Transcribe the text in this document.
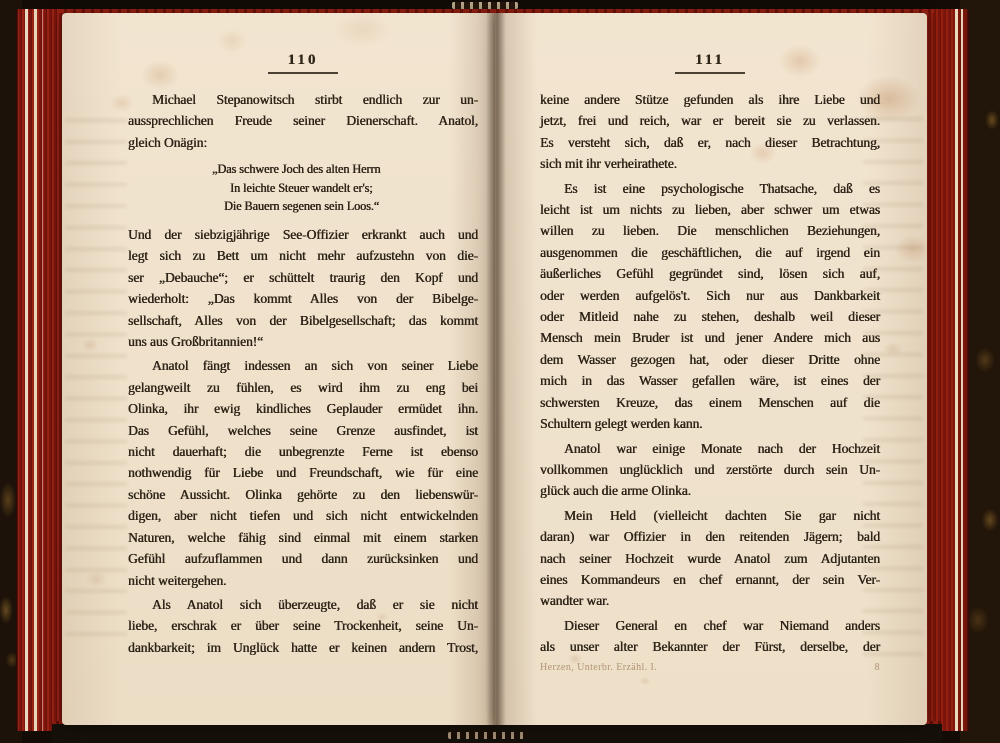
110
Michael Stepanowitsch stirbt endlich zur un-
aussprechlichen Freude seiner Dienerschaft. Anatol,
gleich Onägin:
„Das schwere Joch des alten Herrn
In leichte Steuer wandelt er's;
Die Bauern segenen sein Loos.“
Und der siebzigjährige See-Offizier erkrankt auch und
legt sich zu Bett um nicht mehr aufzustehn von die-
ser „Debauche“; er schüttelt traurig den Kopf und
wiederholt: „Das kommt Alles von der Bibelge-
sellschaft, Alles von der Bibelgesellschaft; das kommt
uns aus Großbritannien!“
Anatol fängt indessen an sich von seiner Liebe
gelangweilt zu fühlen, es wird ihm zu eng bei
Olinka, ihr ewig kindliches Geplauder ermüdet ihn.
Das Gefühl, welches seine Grenze ausfindet, ist
nicht dauerhaft; die unbegrenzte Ferne ist ebenso
nothwendig für Liebe und Freundschaft, wie für eine
schöne Aussicht. Olinka gehörte zu den liebenswür-
digen, aber nicht tiefen und sich nicht entwickelnden
Naturen, welche fähig sind einmal mit einem starken
Gefühl aufzuflammen und dann zurücksinken und
nicht weitergehen.
Als Anatol sich überzeugte, daß er sie nicht
liebe, erschrak er über seine Trockenheit, seine Un-
dankbarkeit; im Unglück hatte er keinen andern Trost,
111
keine andere Stütze gefunden als ihre Liebe und
jetzt, frei und reich, war er bereit sie zu verlassen.
Es versteht sich, daß er, nach dieser Betrachtung,
sich mit ihr verheirathete.
Es ist eine psychologische Thatsache, daß es
leicht ist um nichts zu lieben, aber schwer um etwas
willen zu lieben. Die menschlichen Beziehungen,
ausgenommen die geschäftlichen, die auf irgend ein
äußerliches Gefühl gegründet sind, lösen sich auf,
oder werden aufgelös't. Sich nur aus Dankbarkeit
oder Mitleid nahe zu stehen, deshalb weil dieser
Mensch mein Bruder ist und jener Andere mich aus
dem Wasser gezogen hat, oder dieser Dritte ohne
mich in das Wasser gefallen wäre, ist eines der
schwersten Kreuze, das einem Menschen auf die
Schultern gelegt werden kann.
Anatol war einige Monate nach der Hochzeit
vollkommen unglücklich und zerstörte durch sein Un-
glück auch die arme Olinka.
Mein Held (vielleicht dachten Sie gar nicht
daran) war Offizier in den reitenden Jägern; bald
nach seiner Hochzeit wurde Anatol zum Adjutanten
eines Kommandeurs en chef ernannt, der sein Ver-
wandter war.
Dieser General en chef war Niemand anders
als unser alter Bekannter der Fürst, derselbe, der
Herzen, Unterbr. Erzähl. I.	8
